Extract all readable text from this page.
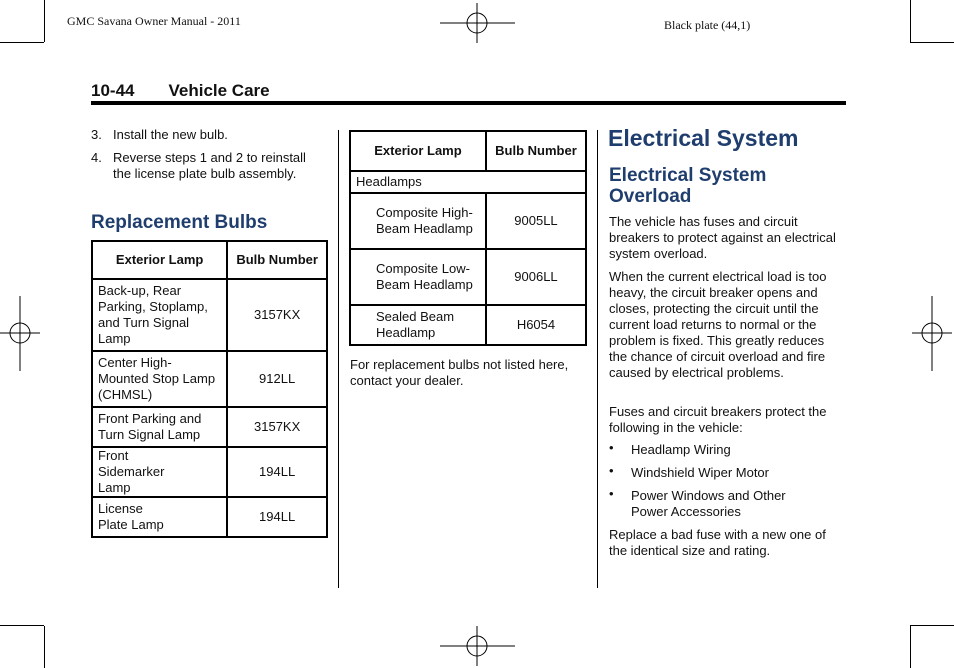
GMC Savana Owner Manual - 2011	Black plate (44,1)
10-44 Vehicle Care
3. Install the new bulb.
4. Reverse steps 1 and 2 to reinstall the license plate bulb assembly.
Replacement Bulbs
Exterior Lamp	Bulb Number
Back-up, Rear Parking, Stoplamp, and Turn Signal Lamp	3157KX
Center High-Mounted Stop Lamp (CHMSL)	912LL
Front Parking and Turn Signal Lamp	3157KX
Front Sidemarker Lamp	194LL
License Plate Lamp	194LL
Exterior Lamp	Bulb Number
Headlamps	
Composite High-Beam Headlamp	9005LL
Composite Low-Beam Headlamp	9006LL
Sealed Beam Headlamp	H6054
For replacement bulbs not listed here, contact your dealer.
Electrical System
Electrical System Overload

The vehicle has fuses and circuit breakers to protect against an electrical system overload.

When the current electrical load is too heavy, the circuit breaker opens and closes, protecting the circuit until the current load returns to normal or the problem is fixed. This greatly reduces the chance of circuit overload and fire caused by electrical problems.

Fuses and circuit breakers protect the following in the vehicle:

• Headlamp Wiring
• Windshield Wiper Motor
• Power Windows and Other Power Accessories

Replace a bad fuse with a new one of the identical size and rating.
